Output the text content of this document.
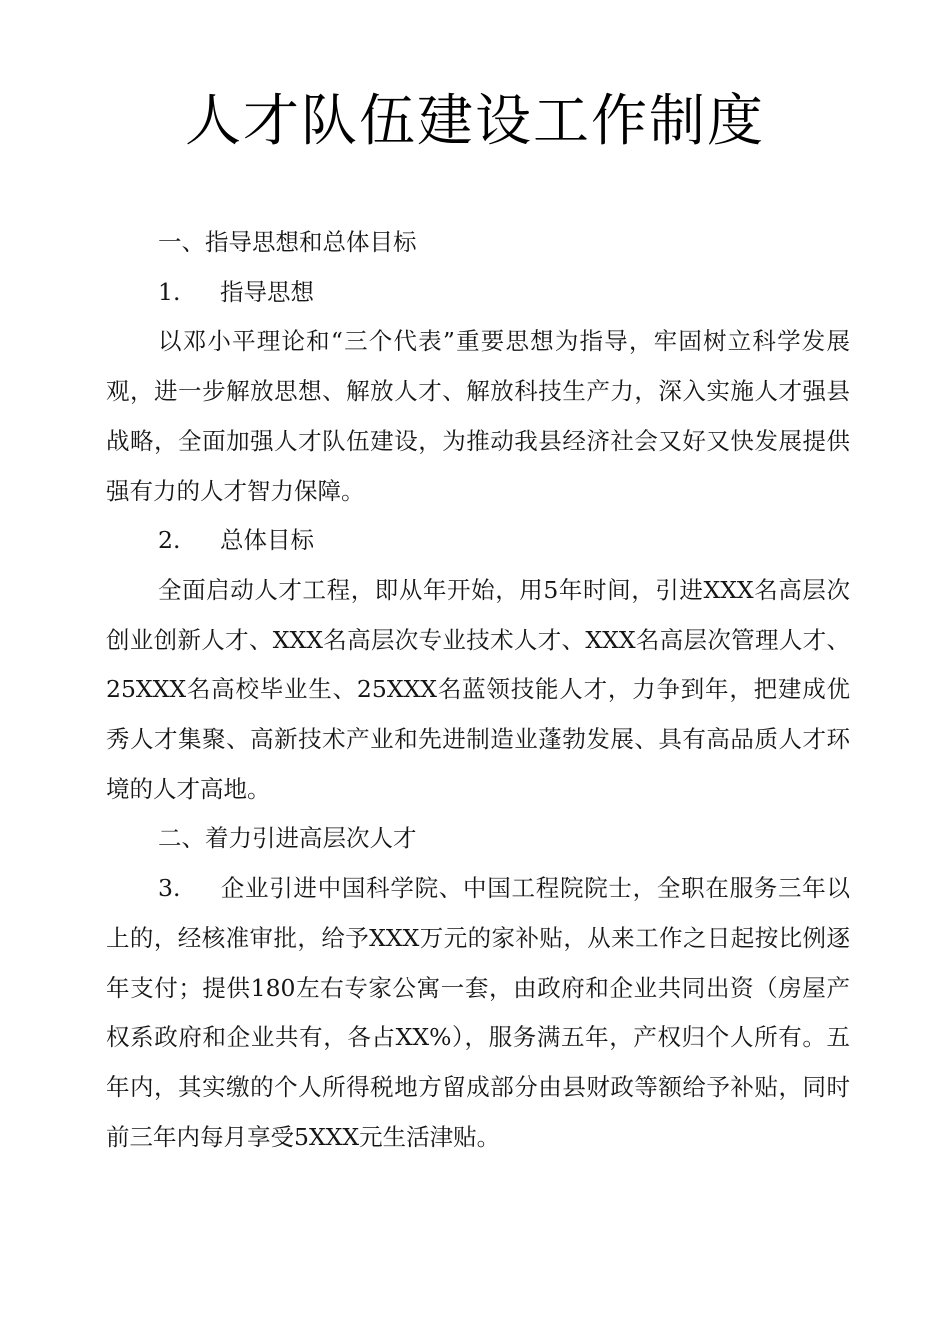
人才队伍建设工作制度

一、指导思想和总体目标

1. 指导思想

以邓小平理论和“三个代表”重要思想为指导，牢固树立科学发展观，进一步解放思想、解放人才、解放科技生产力，深入实施人才强县战略，全面加强人才队伍建设，为推动我县经济社会又好又快发展提供强有力的人才智力保障。

2. 总体目标

全面启动人才工程，即从年开始，用5年时间，引进XXX名高层次创业创新人才、XXX名高层次专业技术人才、XXX名高层次管理人才、25XXX名高校毕业生、25XXX名蓝领技能人才，力争到年，把建成优秀人才集聚、高新技术产业和先进制造业蓬勃发展、具有高品质人才环境的人才高地。

二、着力引进高层次人才

3. 企业引进中国科学院、中国工程院院士，全职在服务三年以上的，经核准审批，给予XXX万元的家补贴，从来工作之日起按比例逐年支付；提供180左右专家公寓一套，由政府和企业共同出资（房屋产权系政府和企业共有，各占XX%），服务满五年，产权归个人所有。五年内，其实缴的个人所得税地方留成部分由县财政等额给予补贴，同时前三年内每月享受5XXX元生活津贴。
